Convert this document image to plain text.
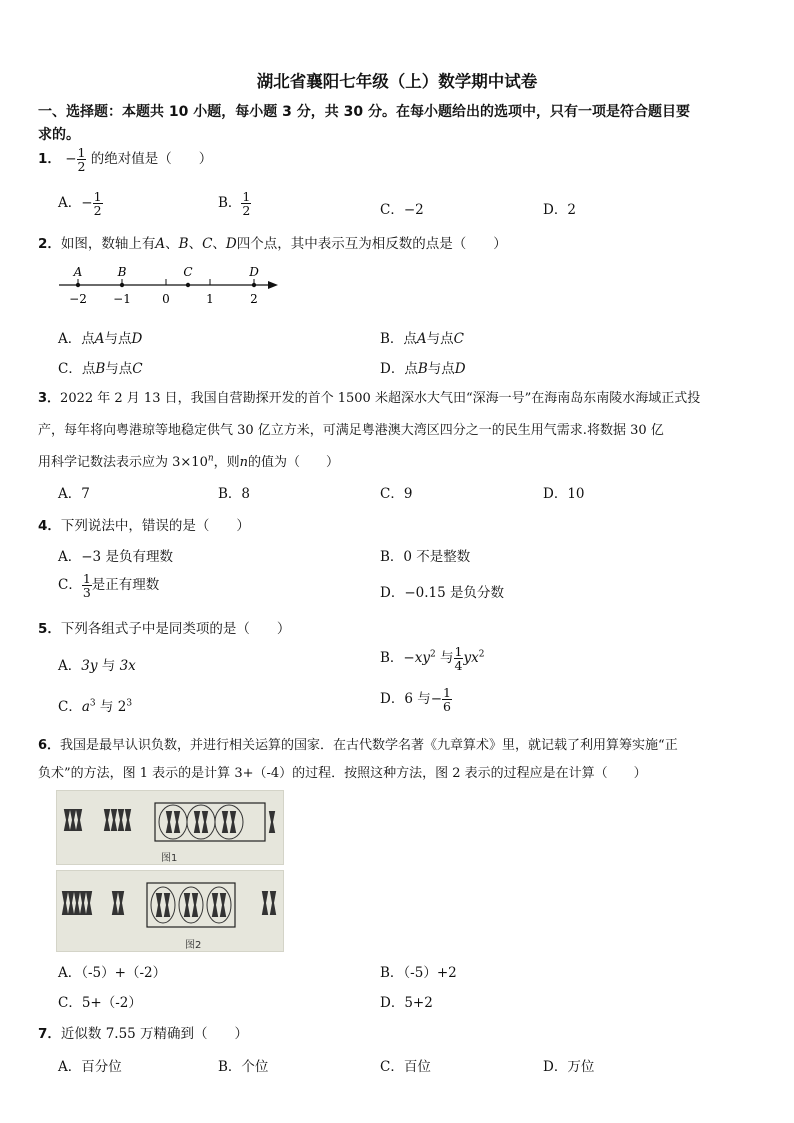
湖北省襄阳七年级（上）数学期中试卷
一、选择题：本题共 10 小题，每小题 3 分，共 30 分。在每小题给出的选项中，只有一项是符合题目要
求的。
1． − $\frac{1}{2}$ 的绝对值是（　　）
A．− $\frac{1}{2}$	B． $\frac{1}{2}$	C．−2	D．2
2．如图，数轴上有A、B、C、D四个点，其中表示互为相反数的点是（　　）
−2 −1	0	1	2
A	B	C	D
A．点A与点D	B．点A与点C
C．点B与点C	D．点B与点D
3．2022 年 2 月 13 日，我国自营勘探开发的首个 1500 米超深水大气田“深海一号”在海南岛东南陵水海域正式投
产，每年将向粤港琼等地稳定供气 30 亿立方米，可满足粤港澳大湾区四分之一的民生用气需求.将数据 30 亿
用科学记数法表示应为 $3\times 10^n$，则n的值为（　　）
A．7	B．8	C．9	D．10
4．下列说法中，错误的是（　　）
A．−3 是负有理数	B．0 不是整数
C． $\frac{1}{3}$ 是正有理数	D．−0.15 是负分数
5．下列各组式子中是同类项的是（　　）
A．3y 与 3x	B．$-xy^2$ 与 $\frac{1}{4} yx^2$
C．$a^3$ 与 $2^3$	D．6 与− $\frac{1}{6}$
6．我国是最早认识负数，并进行相关运算的国家．在古代数学名著《九章算术》里，就记载了利用算筹实施“正
负术”的方法，图 1 表示的是计算 3+（-4）的过程．按照这种方法，图 2 表示的过程应是在计算（　　）
图1
图2
A．（-5）+（-2）	B．（-5）+2
C．5+（-2）	D．5+2
7．近似数 7.55 万精确到（　　）
A．百分位	B．个位	C．百位	D．万位
